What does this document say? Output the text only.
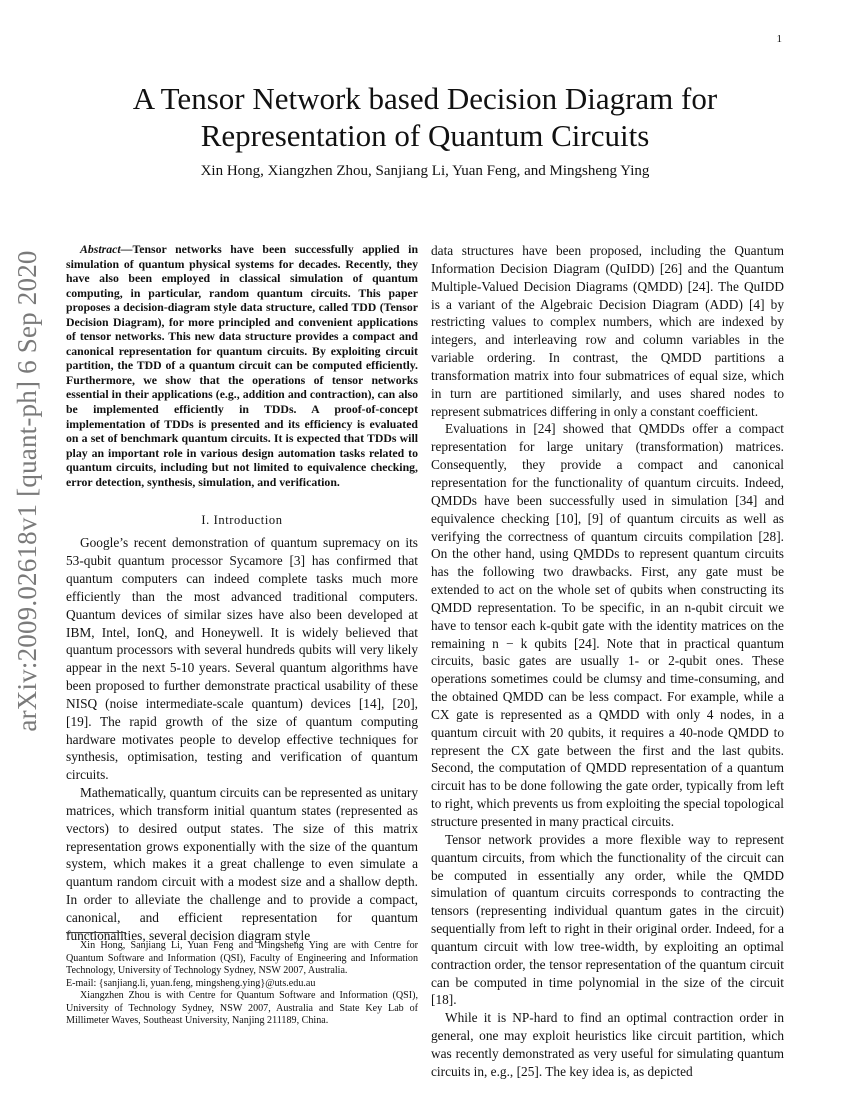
1
arXiv:2009.02618v1 [quant-ph] 6 Sep 2020
A Tensor Network based Decision Diagram for
Representation of Quantum Circuits
Xin Hong, Xiangzhen Zhou, Sanjiang Li, Yuan Feng, and Mingsheng Ying
Abstract—Tensor networks have been successfully applied in simulation of quantum physical systems for decades. Recently, they have also been employed in classical simulation of quantum computing, in particular, random quantum circuits. This paper proposes a decision-diagram style data structure, called TDD (Tensor Decision Diagram), for more principled and convenient applications of tensor networks. This new data structure provides a compact and canonical representation for quantum circuits. By exploiting circuit partition, the TDD of a quantum circuit can be computed efficiently. Furthermore, we show that the operations of tensor networks essential in their applications (e.g., addition and contraction), can also be implemented efficiently in TDDs. A proof-of-concept implementation of TDDs is presented and its efficiency is evaluated on a set of benchmark quantum circuits. It is expected that TDDs will play an important role in various design automation tasks related to quantum circuits, including but not limited to equivalence checking, error detection, synthesis, simulation, and verification.
I. Introduction

Google’s recent demonstration of quantum supremacy on its 53-qubit quantum processor Sycamore [3] has confirmed that quantum computers can indeed complete tasks much more efficiently than the most advanced traditional computers. Quantum devices of similar sizes have also been developed at IBM, Intel, IonQ, and Honeywell. It is widely believed that quantum processors with several hundreds qubits will very likely appear in the next 5-10 years. Several quantum algorithms have been proposed to further demonstrate practical usability of these NISQ (noise intermediate-scale quantum) devices [14], [20], [19]. The rapid growth of the size of quantum computing hardware motivates people to develop effective techniques for synthesis, optimisation, testing and verification of quantum circuits.

Mathematically, quantum circuits can be represented as unitary matrices, which transform initial quantum states (represented as vectors) to desired output states. The size of this matrix representation grows exponentially with the size of the quantum system, which makes it a great challenge to even simulate a quantum random circuit with a modest size and a shallow depth. In order to alleviate the challenge and to provide a compact, canonical, and efficient representation for quantum functionalities, several decision diagram style

Xin Hong, Sanjiang Li, Yuan Feng and Mingsheng Ying are with Centre for Quantum Software and Information (QSI), Faculty of Engineering and Information Technology, University of Technology Sydney, NSW 2007, Australia.

E-mail: {sanjiang.li, yuan.feng, mingsheng.ying}@uts.edu.au

Xiangzhen Zhou is with Centre for Quantum Software and Information (QSI), University of Technology Sydney, NSW 2007, Australia and State Key Lab of Millimeter Waves, Southeast University, Nanjing 211189, China.

data structures have been proposed, including the Quantum Information Decision Diagram (QuIDD) [26] and the Quantum Multiple-Valued Decision Diagrams (QMDD) [24]. The QuIDD is a variant of the Algebraic Decision Diagram (ADD) [4] by restricting values to complex numbers, which are indexed by integers, and interleaving row and column variables in the variable ordering. In contrast, the QMDD partitions a transformation matrix into four submatrices of equal size, which in turn are partitioned similarly, and uses shared nodes to represent submatrices differing in only a constant coefficient.

Evaluations in [24] showed that QMDDs offer a compact representation for large unitary (transformation) matrices. Consequently, they provide a compact and canonical representation for the functionality of quantum circuits. Indeed, QMDDs have been successfully used in simulation [34] and equivalence checking [10], [9] of quantum circuits as well as verifying the correctness of quantum circuits compilation [28]. On the other hand, using QMDDs to represent quantum circuits has the following two drawbacks. First, any gate must be extended to act on the whole set of qubits when constructing its QMDD representation. To be specific, in an n-qubit circuit we have to tensor each k-qubit gate with the identity matrices on the remaining n − k qubits [24]. Note that in practical quantum circuits, basic gates are usually 1- or 2-qubit ones. These operations sometimes could be clumsy and time-consuming, and the obtained QMDD can be less compact. For example, while a CX gate is represented as a QMDD with only 4 nodes, in a quantum circuit with 20 qubits, it requires a 40-node QMDD to represent the CX gate between the first and the last qubits. Second, the computation of QMDD representation of a quantum circuit has to be done following the gate order, typically from left to right, which prevents us from exploiting the special topological structure presented in many practical circuits.

Tensor network provides a more flexible way to represent quantum circuits, from which the functionality of the circuit can be computed in essentially any order, while the QMDD simulation of quantum circuits corresponds to contracting the tensors (representing individual quantum gates in the circuit) sequentially from left to right in their original order. Indeed, for a quantum circuit with low tree-width, by exploiting an optimal contraction order, the tensor representation of the quantum circuit can be computed in time polynomial in the size of the circuit [18].

While it is NP-hard to find an optimal contraction order in general, one may exploit heuristics like circuit partition, which was recently demonstrated as very useful for simulating quantum circuits in, e.g., [25]. The key idea is, as depicted
